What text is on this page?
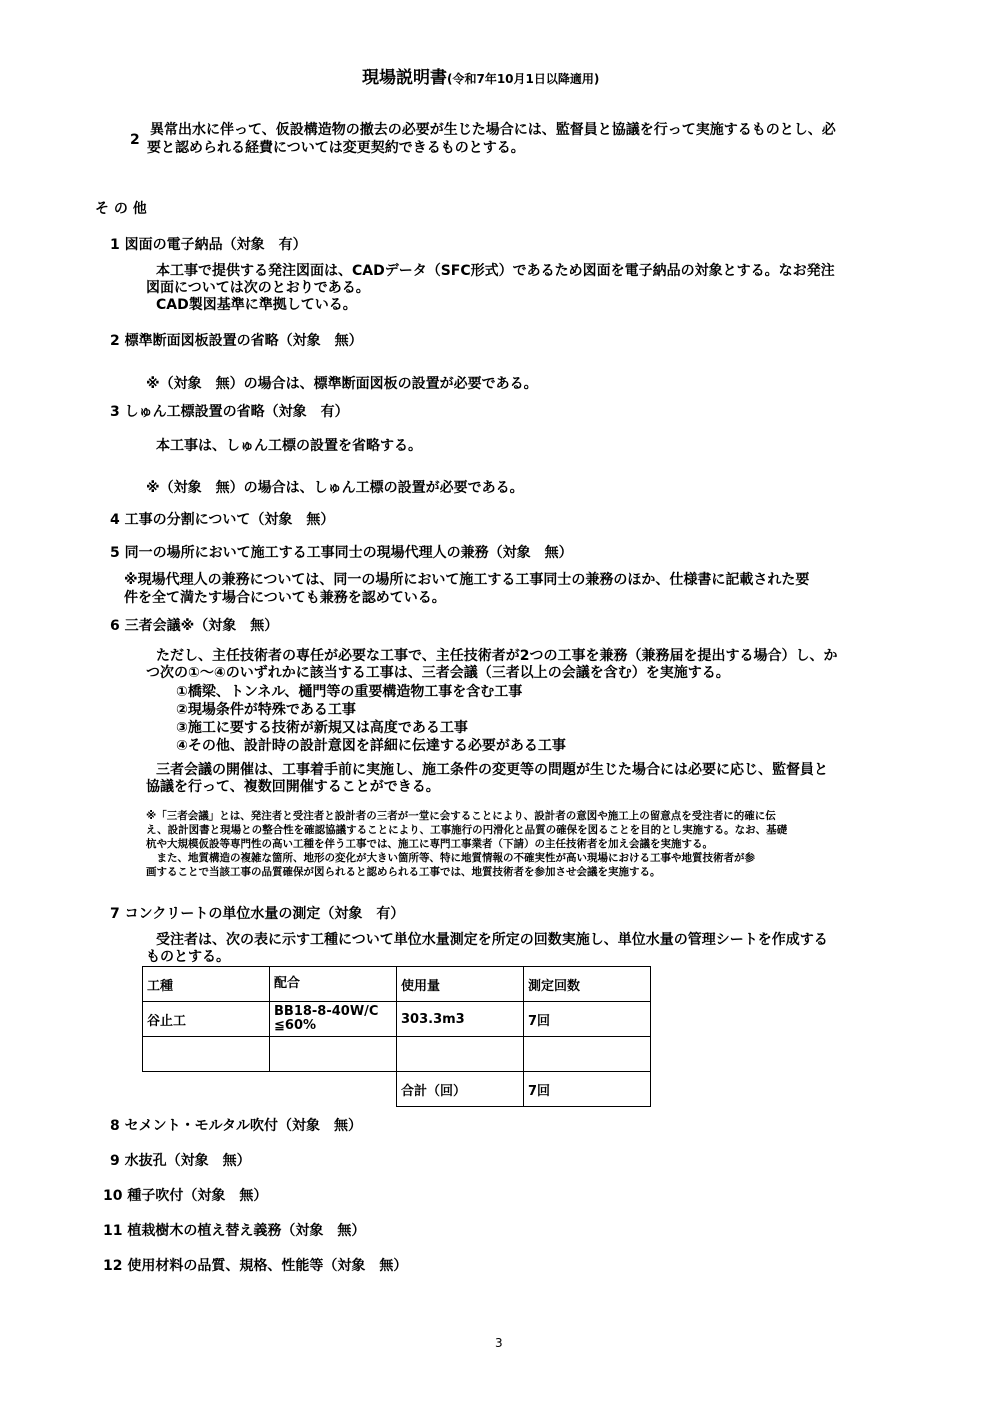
現場説明書(令和7年10月1日以降適用)
2
異常出水に伴って、仮設構造物の撤去の必要が生じた場合には、監督員と協議を行って実施するものとし、必
要と認められる経費については変更契約できるものとする。
そ の 他
1 図面の電子納品（対象　有）
本工事で提供する発注図面は、CADデータ（SFC形式）であるため図面を電子納品の対象とする。なお発注
図面については次のとおりである。
CAD製図基準に準拠している。
2 標準断面図板設置の省略（対象　無）
※（対象　無）の場合は、標準断面図板の設置が必要である。
3 しゅん工標設置の省略（対象　有）
本工事は、しゅん工標の設置を省略する。
※（対象　無）の場合は、しゅん工標の設置が必要である。
4 工事の分割について（対象　無）
5 同一の場所において施工する工事同士の現場代理人の兼務（対象　無）
※現場代理人の兼務については、同一の場所において施工する工事同士の兼務のほか、仕様書に記載された要
件を全て満たす場合についても兼務を認めている。
6 三者会議※（対象　無）
ただし、主任技術者の専任が必要な工事で、主任技術者が2つの工事を兼務（兼務届を提出する場合）し、か
つ次の①～④のいずれかに該当する工事は、三者会議（三者以上の会議を含む）を実施する。
①橋梁、トンネル、樋門等の重要構造物工事を含む工事
②現場条件が特殊である工事
③施工に要する技術が新規又は高度である工事
④その他、設計時の設計意図を詳細に伝達する必要がある工事
三者会議の開催は、工事着手前に実施し、施工条件の変更等の問題が生じた場合には必要に応じ、監督員と
協議を行って、複数回開催することができる。
※「三者会議」とは、発注者と受注者と設計者の三者が一堂に会することにより、設計者の意図や施工上の留意点を受注者に的確に伝
え、設計図書と現場との整合性を確認協議することにより、工事施行の円滑化と品質の確保を図ることを目的とし実施する。なお、基礎
杭や大規模仮設等専門性の高い工種を伴う工事では、施工に専門工事業者（下請）の主任技術者を加え会議を実施する。
　また、地質構造の複雑な箇所、地形の変化が大きい箇所等、特に地質情報の不確実性が高い現場における工事や地質技術者が参
画することで当該工事の品質確保が図られると認められる工事では、地質技術者を参加させ会議を実施する。
7 コンクリートの単位水量の測定（対象　有）
受注者は、次の表に示す工種について単位水量測定を所定の回数実施し、単位水量の管理シートを作成する
ものとする。
工種	配合	使用量	測定回数
谷止工	BB18-8-40W/C
≦60%	303.3m3	7回

		合計（回）	7回
8 セメント・モルタル吹付（対象　無）
9 水抜孔（対象　無）
10 種子吹付（対象　無）
11 植栽樹木の植え替え義務（対象　無）
12 使用材料の品質、規格、性能等（対象　無）
3
